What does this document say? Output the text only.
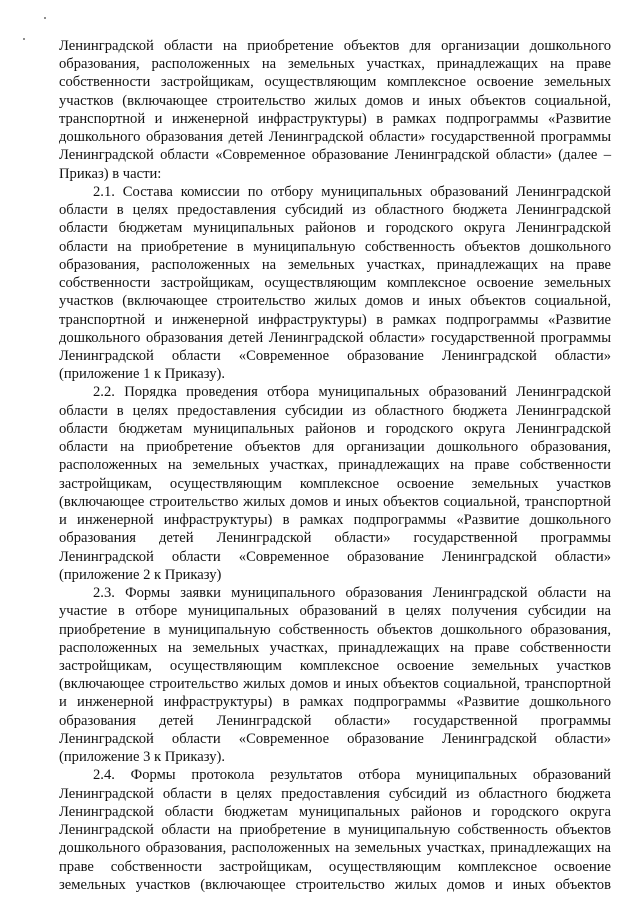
Ленинградской области на приобретение объектов для организации дошкольного образования, расположенных на земельных участках, принадлежащих на праве собственности застройщикам, осуществляющим комплексное освоение земельных участков (включающее строительство жилых домов и иных объектов социальной, транспортной и инженерной инфраструктуры) в рамках подпрограммы «Развитие дошкольного образования детей Ленинградской области» государственной программы Ленинградской области «Современное образование Ленинградской области» (далее – Приказ) в части:

2.1. Состава комиссии по отбору муниципальных образований Ленинградской области в целях предоставления субсидий из областного бюджета Ленинградской области бюджетам муниципальных районов и городского округа Ленинградской области на приобретение в муниципальную собственность объектов дошкольного образования, расположенных на земельных участках, принадлежащих на праве собственности застройщикам, осуществляющим комплексное освоение земельных участков (включающее строительство жилых домов и иных объектов социальной, транспортной и инженерной инфраструктуры) в рамках подпрограммы «Развитие дошкольного образования детей Ленинградской области» государственной программы Ленинградской области «Современное образование Ленинградской области» (приложение 1 к Приказу).

2.2. Порядка проведения отбора муниципальных образований Ленинградской области в целях предоставления субсидии из областного бюджета Ленинградской области бюджетам муниципальных районов и городского округа Ленинградской области на приобретение объектов для организации дошкольного образования, расположенных на земельных участках, принадлежащих на праве собственности застройщикам, осуществляющим комплексное освоение земельных участков (включающее строительство жилых домов и иных объектов социальной, транспортной и инженерной инфраструктуры) в рамках подпрограммы «Развитие дошкольного образования детей Ленинградской области» государственной программы Ленинградской области «Современное образование Ленинградской области» (приложение 2 к Приказу)

2.3. Формы заявки муниципального образования Ленинградской области на участие в отборе муниципальных образований в целях получения субсидии на приобретение в муниципальную собственность объектов дошкольного образования, расположенных на земельных участках, принадлежащих на праве собственности застройщикам, осуществляющим комплексное освоение земельных участков (включающее строительство жилых домов и иных объектов социальной, транспортной и инженерной инфраструктуры) в рамках подпрограммы «Развитие дошкольного образования детей Ленинградской области» государственной программы Ленинградской области «Современное образование Ленинградской области» (приложение 3 к Приказу).

2.4. Формы протокола результатов отбора муниципальных образований Ленинградской области в целях предоставления субсидий из областного бюджета Ленинградской области бюджетам муниципальных районов и городского округа Ленинградской области на приобретение в муниципальную собственность объектов дошкольного образования, расположенных на земельных участках, принадлежащих на праве собственности застройщикам, осуществляющим комплексное освоение земельных участков (включающее строительство жилых домов и иных объектов
